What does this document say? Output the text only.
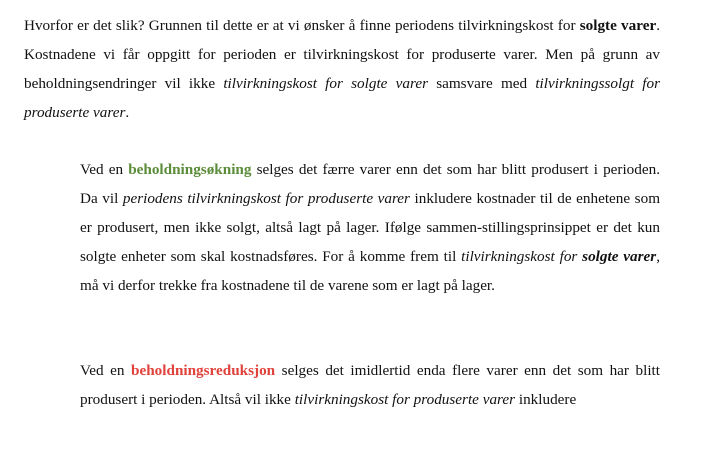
Hvorfor er det slik? Grunnen til dette er at vi ønsker å finne periodens tilvirkningskost for solgte varer. Kostnadene vi får oppgitt for perioden er tilvirkningskost for produserte varer. Men på grunn av beholdningsendringer vil ikke tilvirkningskost for solgte varer samsvare med tilvirkningssolgt for produserte varer.
Ved en beholdningsøkning selges det færre varer enn det som har blitt produsert i perioden. Da vil periodens tilvirkningskost for produserte varer inkludere kostnader til de enhetene som er produsert, men ikke solgt, altså lagt på lager. Ifølge sammen-stillingsprinsippet er det kun solgte enheter som skal kostnadsføres. For å komme frem til tilvirkningskost for solgte varer, må vi derfor trekke fra kostnadene til de varene som er lagt på lager.
Ved en beholdningsreduksjon selges det imidlertid enda flere varer enn det som har blitt produsert i perioden. Altså vil ikke tilvirkningskost for produserte varer inkludere
